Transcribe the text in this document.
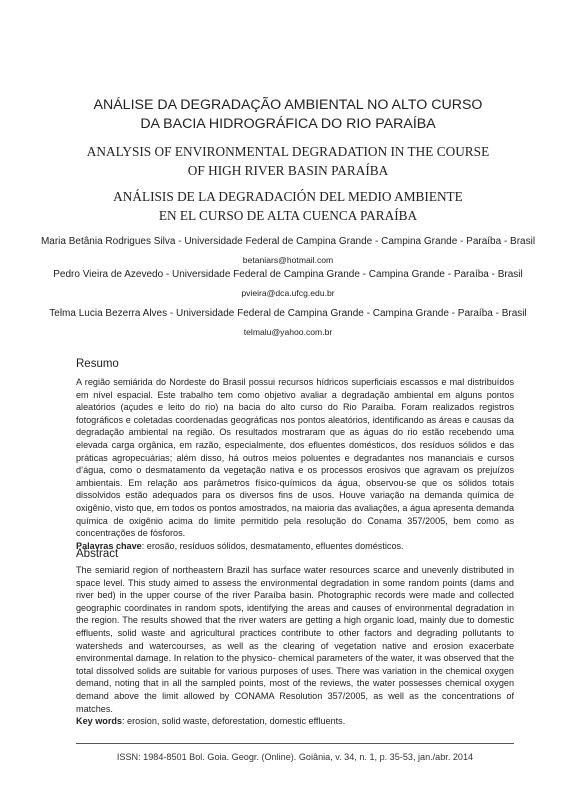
ANÁLISE DA DEGRADAÇÃO AMBIENTAL NO ALTO CURSO
DA BACIA HIDROGRÁFICA DO RIO PARAÍBA
ANALYSIS OF ENVIRONMENTAL DEGRADATION IN THE COURSE
OF HIGH RIVER BASIN PARAÍBA
ANÁLISIS DE LA DEGRADACIÓN DEL MEDIO AMBIENTE
EN EL CURSO DE ALTA CUENCA PARAÍBA
Maria Betânia Rodrigues Silva - Universidade Federal de Campina Grande - Campina Grande - Paraíba - Brasil
betaniars@hotmail.com
Pedro Vieira de Azevedo - Universidade Federal de Campina Grande - Campina Grande - Paraíba - Brasil
pvieira@dca.ufcg.edu.br
Telma Lucia Bezerra Alves - Universidade Federal de Campina Grande - Campina Grande - Paraíba - Brasil
telmalu@yahoo.com.br
Resumo
A região semiárida do Nordeste do Brasil possui recursos hídricos superficiais escassos e mal distribuídos em nível espacial. Este trabalho tem como objetivo avaliar a degradação ambiental em alguns pontos aleatórios (açudes e leito do rio) na bacia do alto curso do Rio Paraíba. Foram realizados registros fotográficos e coletadas coordenadas geográficas nos pontos aleatórios, identificando as áreas e causas da degradação ambiental na região. Os resultados mostraram que as águas do rio estão recebendo uma elevada carga orgânica, em razão, especialmente, dos efluentes domésticos, dos resíduos sólidos e das práticas agropecuárias; além disso, há outros meios poluentes e degradantes nos mananciais e cursos d’água, como o desmatamento da vegetação nativa e os processos erosivos que agravam os prejuízos ambientais. Em relação aos parâmetros físico-químicos da água, observou-se que os sólidos totais dissolvidos estão adequados para os diversos fins de usos. Houve variação na demanda química de oxigênio, visto que, em todos os pontos amostrados, na maioria das avaliações, a água apresenta demanda química de oxigênio acima do limite permitido pela resolução do Conama 357/2005, bem como as concentrações de fósforos.
Palavras chave: erosão, resíduos sólidos, desmatamento, efluentes domésticos.
Abstract
The semiarid region of northeastern Brazil has surface water resources scarce and unevenly distributed in space level. This study aimed to assess the environmental degradation in some random points (dams and river bed) in the upper course of the river Paraíba basin. Photographic records were made and collected geographic coordinates in random spots, identifying the areas and causes of environmental degradation in the region. The results showed that the river waters are getting a high organic load, mainly due to domestic effluents, solid waste and agricultural practices contribute to other factors and degrading pollutants to watersheds and watercourses, as well as the clearing of vegetation native and erosion exacerbate environmental damage. In relation to the physico- chemical parameters of the water, it was observed that the total dissolved solids are suitable for various purposes of uses. There was variation in the chemical oxygen demand, noting that in all the sampled points, most of the reviews, the water possesses chemical oxygen demand above the limit allowed by CONAMA Resolution 357/2005, as well as the concentrations of matches.
Key words: erosion, solid waste, deforestation, domestic effluents.
ISSN: 1984-8501 Bol. Goia. Geogr. (Online). Goiânia, v. 34, n. 1, p. 35-53, jan./abr. 2014
